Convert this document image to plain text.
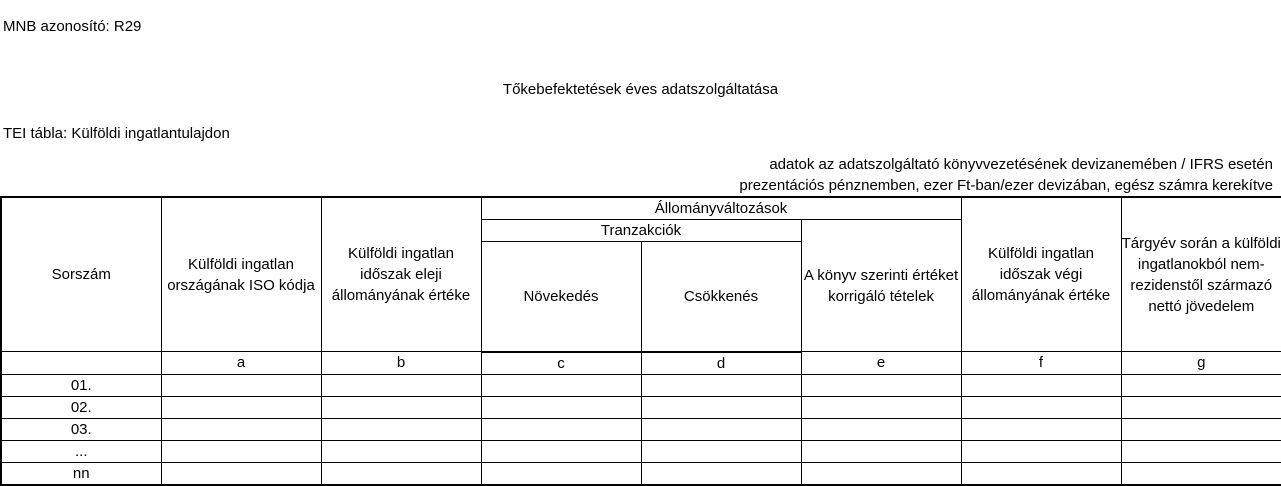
MNB azonosító: R29
Tőkebefektetések éves adatszolgáltatása
TEI tábla: Külföldi ingatlantulajdon
adatok az adatszolgáltató könyvvezetésének devizanemében / IFRS esetén
prezentációs pénznemben, ezer Ft-ban/ezer devizában, egész számra kerekítve
Sorszám	Külföldi ingatlan országának ISO kódja	Külföldi ingatlan időszak eleji állományának értéke	Állományváltozások			Külföldi ingatlan időszak végi állományának értéke	Tárgyév során a külföldi ingatlanokból nem-rezidenstől származó nettó jövedelem
			Tranzakciók		A könyv szerinti értéket korrigáló tételek		
			Növekedés	Csökkenés			
	a	b	c	d	e	f	g
01.							
02.							
03.							
...							
nn							
